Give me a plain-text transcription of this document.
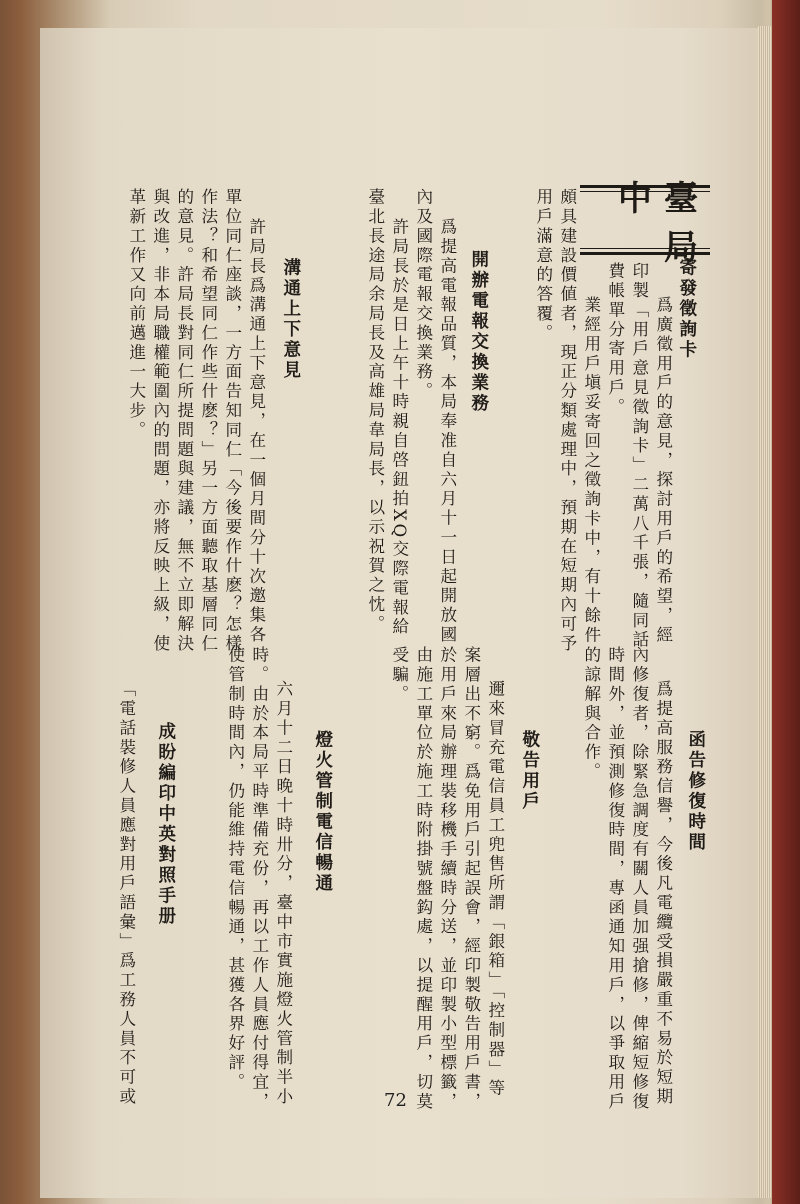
臺中局
寄發徵詢卡
爲廣徵用戶的意見，探討用戶的希望，經
印製「用戶意見徵詢卡」二萬八千張，隨同話
費帳單分寄用戶。
業經用戶塡妥寄回之徵詢卡中，有十餘件
頗具建設價値者，現正分類處理中，預期在短期內可予
用戶滿意的答覆。
開辦電報交換業務
爲提高電報品質，本局奉准自六月十一日起開放國
內及國際電報交換業務。
許局長於是日上午十時親自啓鈕拍XQ交際電報給
臺北長途局余局長及高雄局韋局長，以示祝賀之忱。
溝通上下意見
許局長爲溝通上下意見，在一個月間分十次邀集各
單位同仁座談，一方面告知同仁「今後要作什麽？怎樣
作法？和希望同仁作些什麽？」另一方面聽取基層同仁
的意見。許局長對同仁所提問題與建議，無不立即解決
與改進，非本局職權範圍內的問題，亦將反映上級，使
革新工作又向前邁進一大步。
函告修復時間
爲提高服務信譽，今後凡電纜受損嚴重不易於短期
內修復者，除緊急調度有關人員加强搶修，俾縮短修復
時間外，並預測修復時間，專函通知用戶，以爭取用戶
的諒解與合作。
敬告用戶
邇來冒充電信員工兜售所謂「銀箱」「控制器」等
案層出不窮。爲免用戶引起誤會，經印製敬告用戶書，
於用戶來局辦理裝移機手續時分送，並印製小型標籤，
由施工單位於施工時附掛號盤鈎處，以提醒用戶，切莫
受騙。
燈火管制電信暢通
六月十二日晚十時卅分，臺中市實施燈火管制半小
時。由於本局平時準備充份，再以工作人員應付得宜，
使管制時間內，仍能維持電信暢通，甚獲各界好評。
成盼編印中英對照手册
「電話裝修人員應對用戶語彙」爲工務人員不可或	72
